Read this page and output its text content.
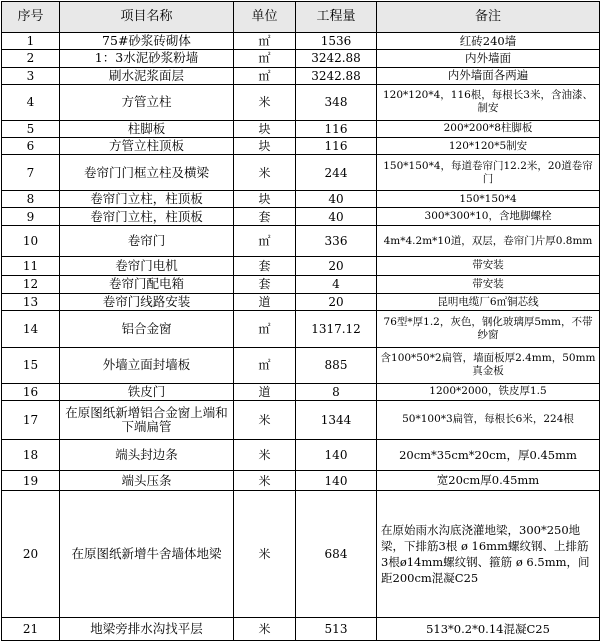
序号	项目名称	单位	工程量	备注
1	75#砂浆砖砌体	㎡	1536	红砖240墙
2	1：3水泥砂浆粉墙	㎡	3242.88	内外墙面
3	刷水泥浆面层	㎡	3242.88	内外墙面各两遍
4	方管立柱	米	348	120*120*4，116根，每根长3米，含油漆、制安
5	柱脚板	块	116	200*200*8柱脚板
6	方管立柱顶板	块	116	120*120*5制安
7	卷帘门门框立柱及横梁	米	244	150*150*4，每道卷帘门12.2米，20道卷帘门
8	卷帘门立柱，柱顶板	块	40	150*150*4
9	卷帘门立柱，柱顶板	套	40	300*300*10，含地脚螺栓
10	卷帘门	㎡	336	4m*4.2m*10道，双层，卷帘门片厚0.8mm
11	卷帘门电机	套	20	带安装
12	卷帘门配电箱	套	4	带安装
13	卷帘门线路安装	道	20	昆明电缆厂6㎡铜芯线
14	铝合金窗	㎡	1317.12	76型*厚1.2，灰色，钢化玻璃厚5mm，不带纱窗
15	外墙立面封墙板	㎡	885	含100*50*2扁管，墙面板厚2.4mm，50mm真金板
16	铁皮门	道	8	1200*2000，铁皮厚1.5
17	在原图纸新增铝合金窗上端和下端扁管	米	1344	50*100*3扁管，每根长6米，224根
18	端头封边条	米	140	20cm*35cm*20cm，厚0.45mm
19	端头压条	米	140	宽20cm厚0.45mm
20	在原图纸新增牛舍墙体地梁	米	684	在原始雨水沟底浇灌地梁，300*250地梁，下排筋3根 ø 16mm螺纹钢、上排筋3根ø14mm螺纹钢、箍筋 ø 6.5mm，间距200cm混凝C25
21	地梁旁排水沟找平层	米	513	513*0.2*0.14混凝C25
